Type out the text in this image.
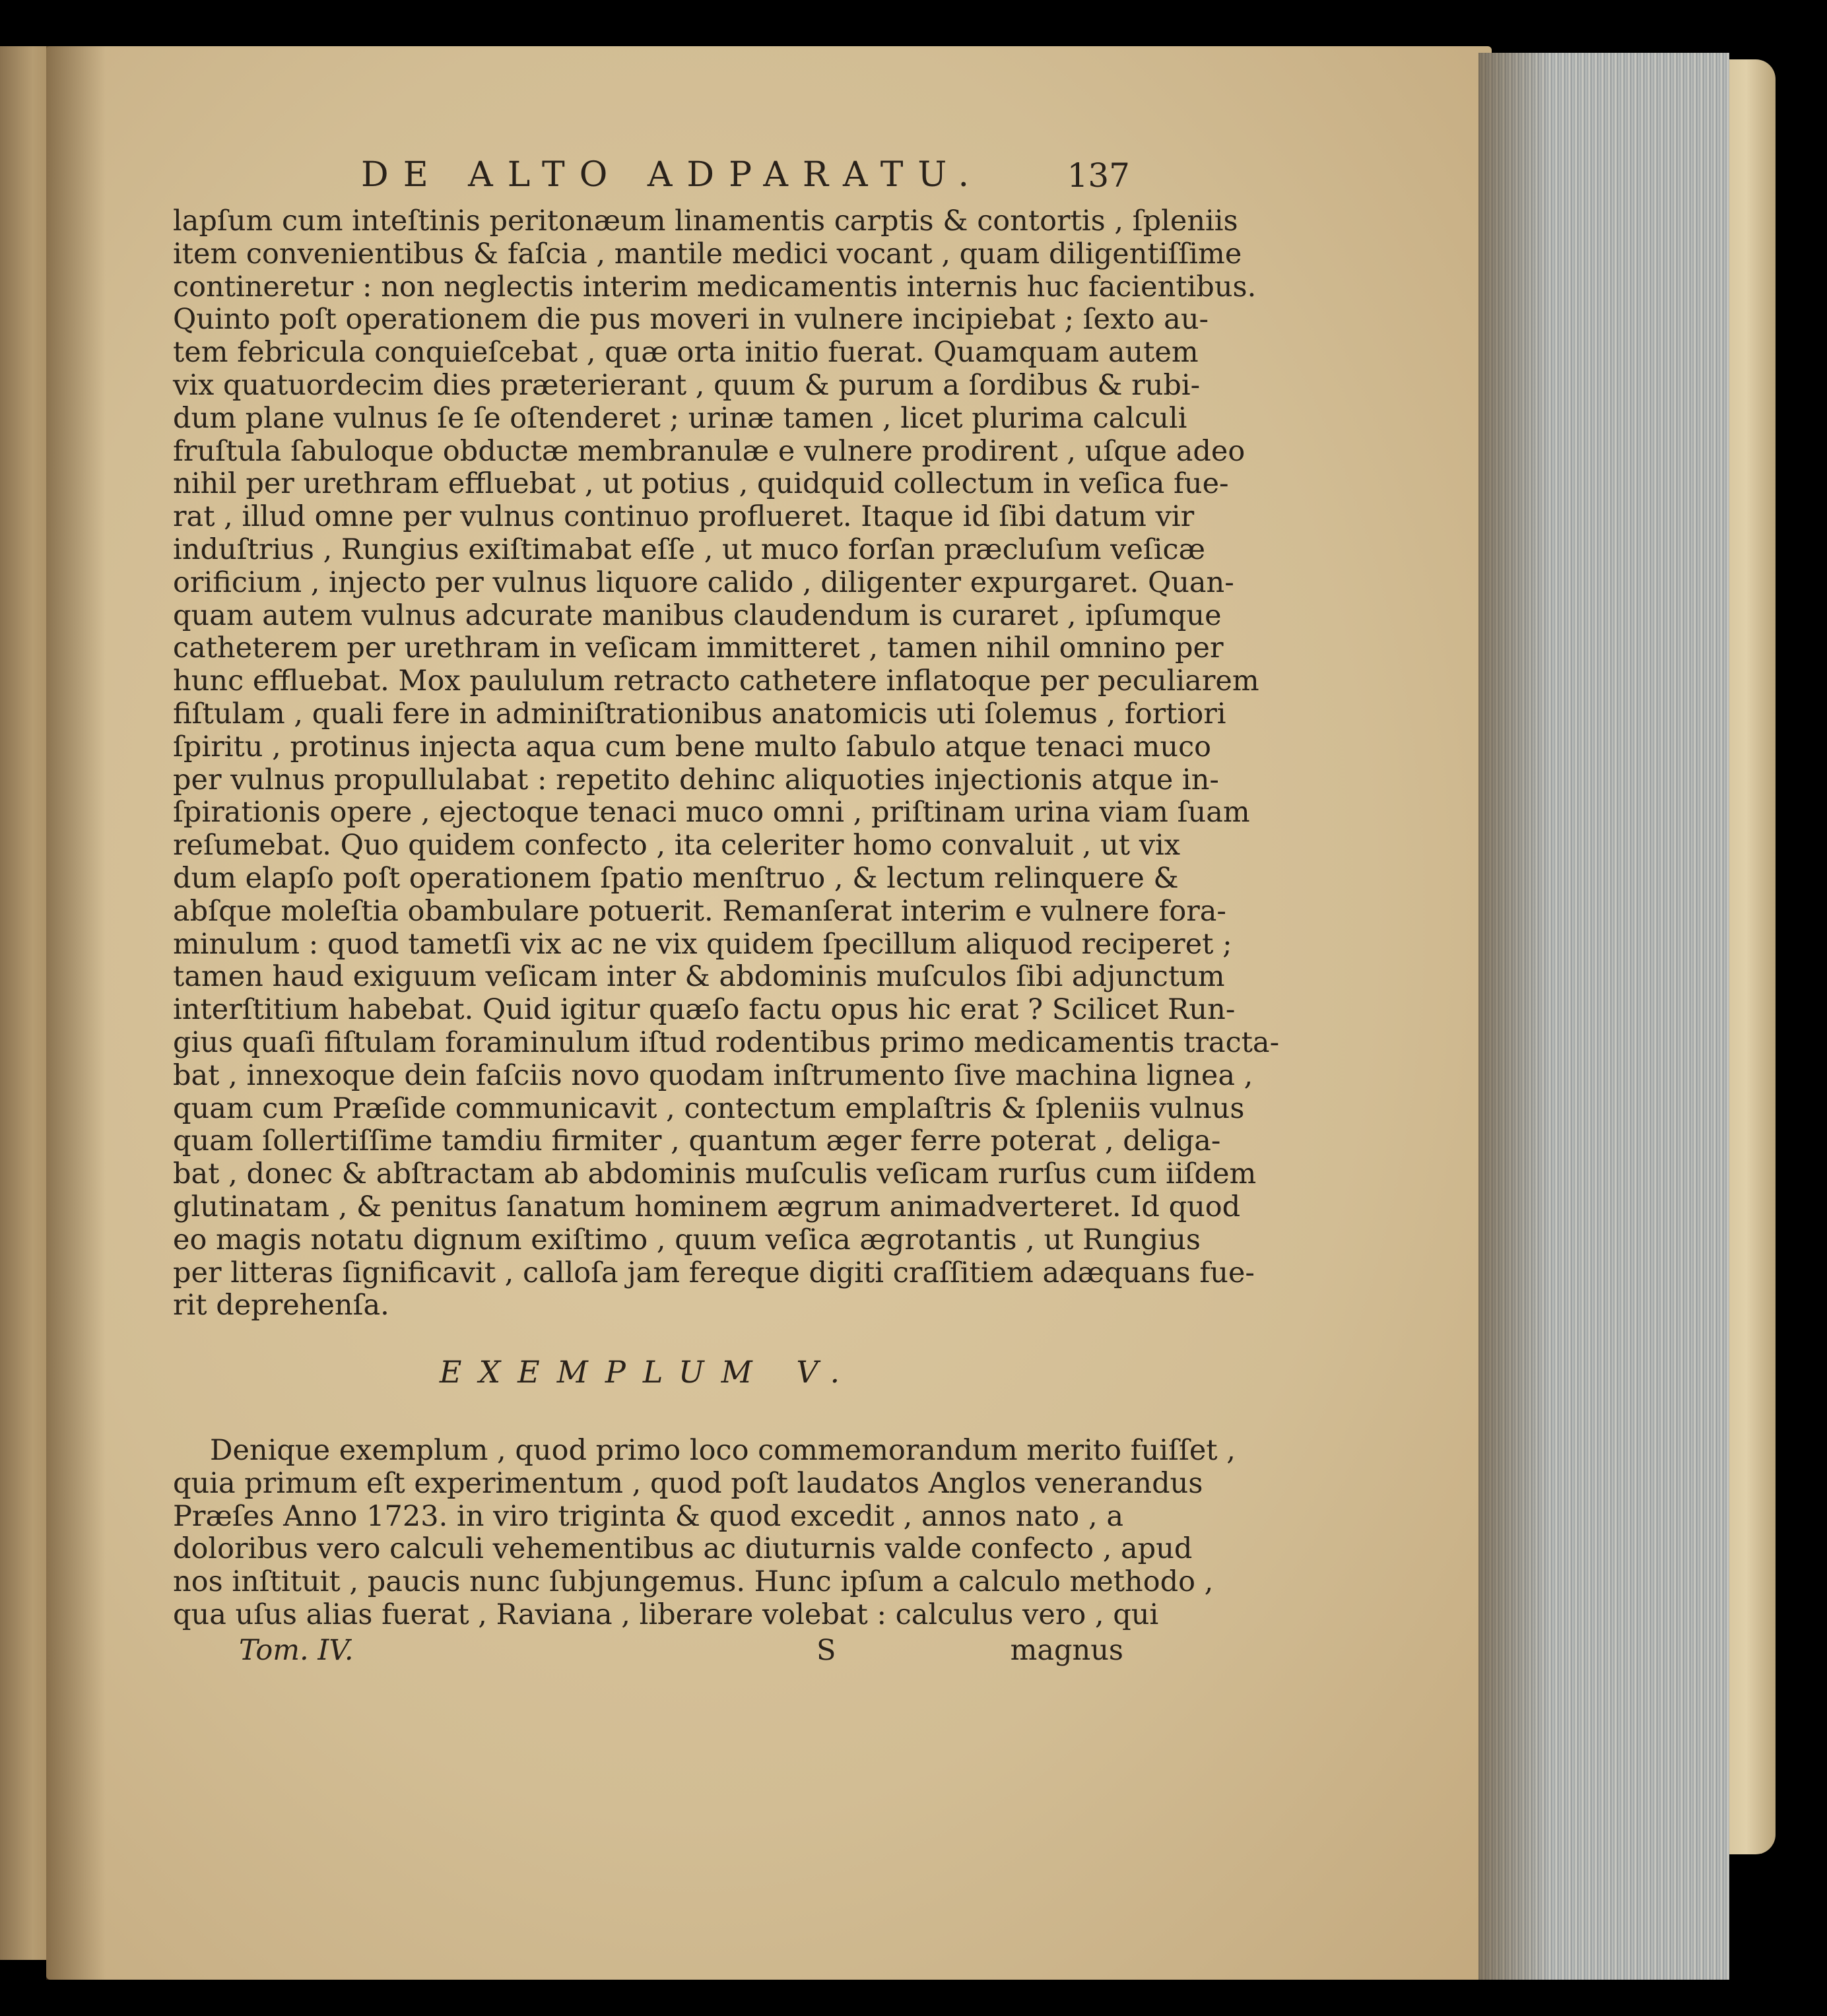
DE ALTO ADPARATU.	137
lapſum cum inteſtinis peritonæum linamentis carptis & contortis , ſpleniis
item convenientibus & faſcia , mantile medici vocant , quam diligentiſſime
contineretur : non neglectis interim medicamentis internis huc facientibus.
Quinto poſt operationem die pus moveri in vulnere incipiebat ; ſexto au-
tem febricula conquieſcebat , quæ orta initio fuerat. Quamquam autem
vix quatuordecim dies præterierant , quum & purum a ſordibus & rubi-
dum plane vulnus ſe ſe oſtenderet ; urinæ tamen , licet plurima calculi
fruſtula ſabuloque obductæ membranulæ e vulnere prodirent , uſque adeo
nihil per urethram effluebat , ut potius , quidquid collectum in veſica fue-
rat , illud omne per vulnus continuo proflueret. Itaque id ſibi datum vir
induſtrius , Rungius exiſtimabat eſſe , ut muco forſan præcluſum veſicæ
orificium , injecto per vulnus liquore calido , diligenter expurgaret. Quan-
quam autem vulnus adcurate manibus claudendum is curaret , ipſumque
catheterem per urethram in veſicam immitteret , tamen nihil omnino per
hunc effluebat. Mox paululum retracto cathetere inflatoque per peculiarem
fiſtulam , quali fere in adminiſtrationibus anatomicis uti ſolemus , fortiori
ſpiritu , protinus injecta aqua cum bene multo ſabulo atque tenaci muco
per vulnus propullulabat : repetito dehinc aliquoties injectionis atque in-
ſpirationis opere , ejectoque tenaci muco omni , priſtinam urina viam ſuam
reſumebat. Quo quidem confecto , ita celeriter homo convaluit , ut vix
dum elapſo poſt operationem ſpatio menſtruo , & lectum relinquere &
abſque moleſtia obambulare potuerit. Remanſerat interim e vulnere fora-
minulum : quod tametſi vix ac ne vix quidem ſpecillum aliquod reciperet ;
tamen haud exiguum veſicam inter & abdominis muſculos ſibi adjunctum
interſtitium habebat. Quid igitur quæſo factu opus hic erat ? Scilicet Run-
gius quaſi fiſtulam foraminulum iſtud rodentibus primo medicamentis tracta-
bat , innexoque dein faſciis novo quodam inſtrumento ſive machina lignea ,
quam cum Præſide communicavit , contectum emplaſtris & ſpleniis vulnus
quam ſollertiſſime tamdiu firmiter , quantum æger ferre poterat , deliga-
bat , donec & abſtractam ab abdominis muſculis veſicam rurſus cum iiſdem
glutinatam , & penitus ſanatum hominem ægrum animadverteret. Id quod
eo magis notatu dignum exiſtimo , quum veſica ægrotantis , ut Rungius
per litteras ſignificavit , calloſa jam fereque digiti craſſitiem adæquans fue-
rit deprehenſa.
EXEMPLUM V.
Denique exemplum , quod primo loco commemorandum merito fuiſſet ,
quia primum eſt experimentum , quod poſt laudatos Anglos venerandus
Præſes Anno 1723. in viro triginta & quod excedit , annos nato , a
doloribus vero calculi vehementibus ac diuturnis valde confecto , apud
nos inſtituit , paucis nunc ſubjungemus. Hunc ipſum a calculo methodo ,
qua uſus alias fuerat , Raviana , liberare volebat : calculus vero , qui
Tom. IV.	S	magnus
